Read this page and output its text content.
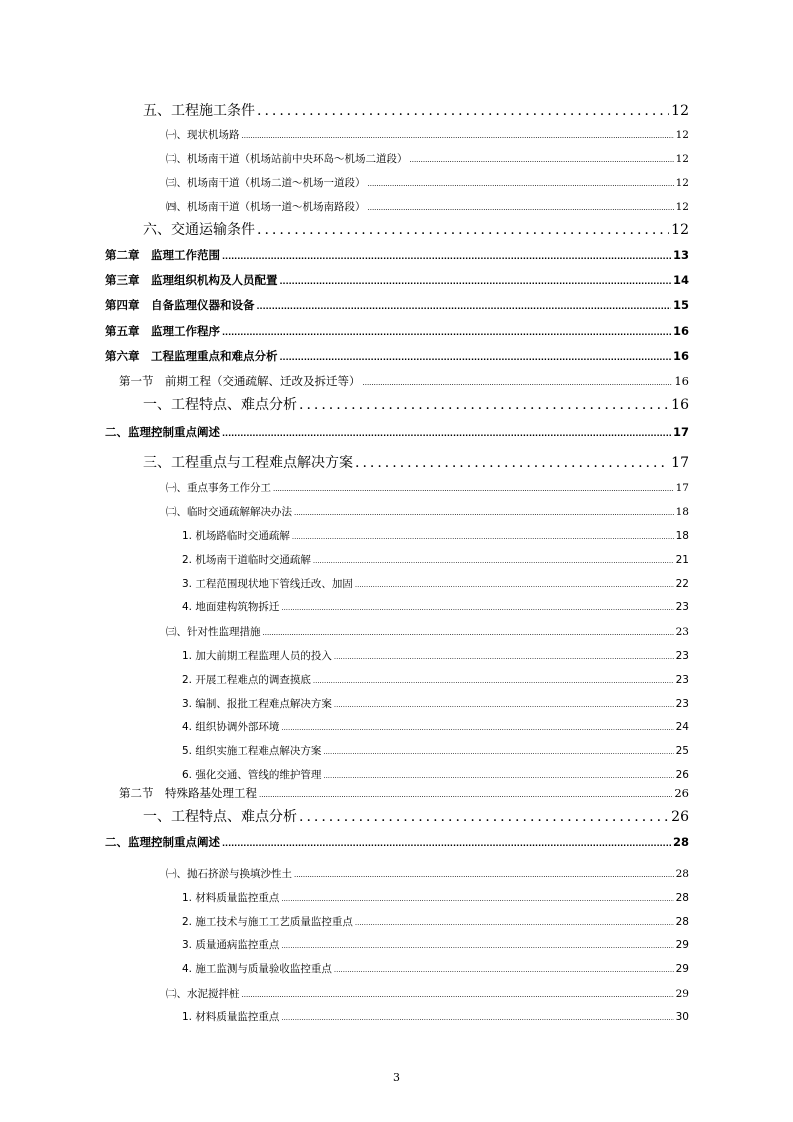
五、工程施工条件 .....	12
㈠、现状机场路 .....	12
㈡、机场南干道（机场站前中央环岛～机场二道段） .....	12
㈢、机场南干道（机场二道～机场一道段） .....	12
㈣、机场南干道（机场一道～机场南路段） .....	12
六、交通运输条件 .....	12
第二章　监理工作范围 .....	13
第三章　监理组织机构及人员配置 .....	14
第四章　自备监理仪器和设备 .....	15
第五章　监理工作程序 .....	16
第六章　工程监理重点和难点分析 .....	16
第一节　前期工程（交通疏解、迁改及拆迁等） .....	16
一、工程特点、难点分析 .....	16
二、监理控制重点阐述 .....	17
三、工程重点与工程难点解决方案 .....	17
㈠、重点事务工作分工 .....	17
㈡、临时交通疏解解决办法 .....	18
1. 机场路临时交通疏解 .....	18
2. 机场南干道临时交通疏解 .....	21
3. 工程范围现状地下管线迁改、加固 .....	22
4. 地面建构筑物拆迁 .....	23
㈢、针对性监理措施 .....	23
1. 加大前期工程监理人员的投入 .....	23
2. 开展工程难点的调查摸底 .....	23
3. 编制、报批工程难点解决方案 .....	23
4. 组织协调外部环境 .....	24
5. 组织实施工程难点解决方案 .....	25
6. 强化交通、管线的维护管理 .....	26
第二节　特殊路基处理工程 .....	26
一、工程特点、难点分析 .....	26
二、监理控制重点阐述 .....	28
㈠、抛石挤淤与换填沙性土 .....	28
1. 材料质量监控重点 .....	28
2. 施工技术与施工工艺质量监控重点 .....	28
3. 质量通病监控重点 .....	29
4. 施工监测与质量验收监控重点 .....	29
㈡、水泥搅拌桩 .....	29
1. 材料质量监控重点 .....	30
3
